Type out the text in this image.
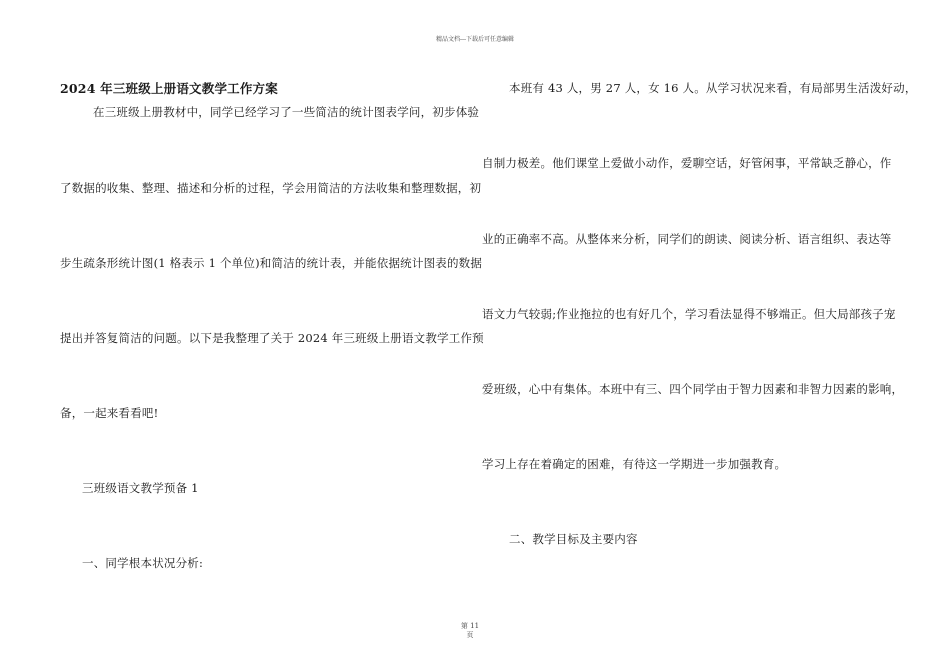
精品文档---下载后可任意编辑
2024 年三班级上册语文教学工作方案
在三班级上册教材中，同学已经学习了一些简洁的统计图表学问，初步体验
了数据的收集、整理、描述和分析的过程，学会用简洁的方法收集和整理数据，初
步生疏条形统计图(1 格表示 1 个单位)和简洁的统计表，并能依据统计图表的数据
提出并答复简洁的问题。以下是我整理了关于 2024 年三班级上册语文教学工作预
备，一起来看看吧!
三班级语文教学预备 1
一、同学根本状况分析:
本班有 43 人，男 27 人，女 16 人。从学习状况来看，有局部男生活泼好动，
自制力极差。他们课堂上爱做小动作，爱聊空话，好管闲事，平常缺乏静心，作
业的正确率不高。从整体来分析，同学们的朗读、阅读分析、语言组织、表达等
语文力气较弱;作业拖拉的也有好几个，学习看法显得不够端正。但大局部孩子宠
爱班级，心中有集体。本班中有三、四个同学由于智力因素和非智力因素的影响，
学习上存在着确定的困难，有待这一学期进一步加强教育。
二、教学目标及主要内容
第 11
页
